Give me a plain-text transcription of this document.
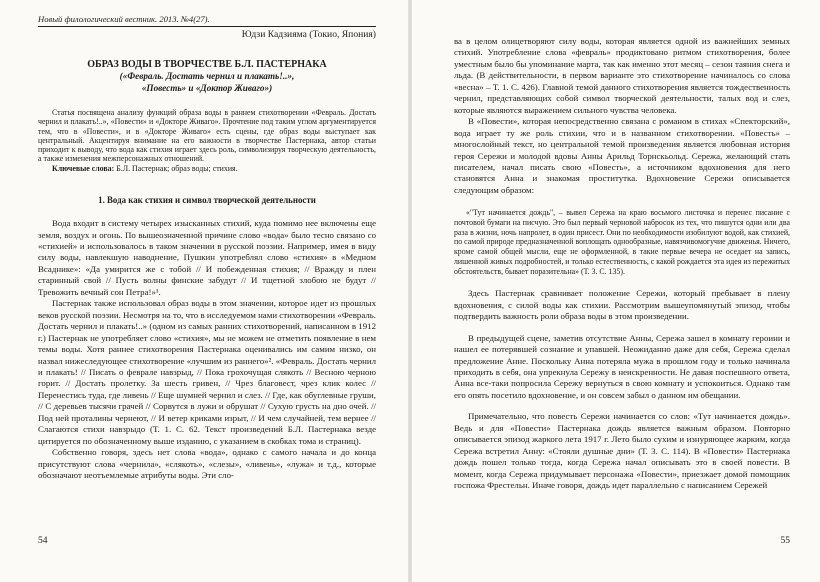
Новый филологический вестник. 2013. №4(27).
Юдзи Кадзияма (Токио, Япония)
ОБРАЗ ВОДЫ В ТВОРЧЕСТВЕ Б.Л. ПАСТЕРНАКА
(«Февраль. Достать чернил и плакать!..»,
«Повесть» и «Доктор Живаго»)
Статья посвящена анализу функций образа воды в раннем стихотворении «Февраль. Достать чернил и плакать!..», «Повести» и «Докторе Живаго». Прочтение под таким углом аргументируется тем, что в «Повести», и в «Докторе Живаго» есть сцены, где образ воды выступает как центральный. Акцентируя внимание на его важности в творчестве Пастернака, автор статьи приходит к выводу, что вода как стихия играет здесь роль, символизируя творческую деятельность, а также изменения межперсонажных отношений.
Ключевые слова: Б.Л. Пастернак; образ воды; стихия.
1. Вода как стихия и символ творческой деятельности

Вода входит в систему четырех изысканных стихий, куда помимо нее включены еще земля, воздух и огонь. По вышеозначенной причине слово «вода» было тесно связано со «стихией» и использовалось в таком значении в русской поэзии. Например, имея в виду силу воды, навлекшую наводнение, Пушкин употреблял слово «стихия» в «Медном Всаднике»: «Да умирится же с тобой // И побежденная стихия; // Вражду и плен старинный свой // Пусть волны финские забудут // И тщетной злобою не будут // Тревожить вечный сон Петра!»¹.

Пастернак также использовал образ воды в этом значении, которое идет из прошлых веков русской поэзии. Несмотря на то, что в исследуемом нами стихотворении «Февраль. Достать чернил и плакать!..» (одном из самых ранних стихотворений, написанном в 1912 г.) Пастернак не употребляет слово «стихия», мы не можем не отметить появление в нем темы воды. Хотя раннее стихотворения Пастернака оценивались им самим низко, он назвал нижеследующее стихотворение «лучшим из раннего»². «Февраль. Достать чернил и плакать! // Писать о феврале навзрыд, // Пока грохочущая слякоть // Весною черною горит. // Достать пролетку. За шесть гривен, // Чрез благовест, чрез клик колес // Перенестись туда, где ливень // Еще шумней чернил и слез. // Где, как обуглевные груши, // С деревьев тысячи грачей // Сорвутся в лужи и обрушат // Сухую грусть на дно очей. // Под ней проталины чернеют, // И ветер криками изрыт, // И чем случайней, тем вернее // Слагаются стихи навзрыдо (Т. 1. С. 62. Текст произведений Б.Л. Пастернака везде цитируется по обозначенному выше изданию, с указанием в скобках тома и страниц).

Собственно говоря, здесь нет слова «вода», однако с самого начала и до конца присутствуют слова «чернила», «слякоть», «слезы», «ливень», «лужа» и т.д., которые обозначают неотъемлемые атрибуты воды. Эти сло-

54

ва в целом олицетворяют силу воды, которая является одной из важнейших земных стихий. Употребление слова «февраль» продиктовано ритмом стихотворения, более уместным было бы упоминание марта, так как именно этот месяц – сезон таяния снега и льда. (В действительности, в первом варианте это стихотворение начиналось со слова «весна» – Т. 1. С. 426). Главной темой данного стихотворения является тождественность чернил, представляющих собой символ творческой деятельности, талых вод и слез, которые являются выражением сильного чувства человека.

В «Повести», которая непосредственно связана с романом в стихах «Спекторский», вода играет ту же роль стихии, что и в названном стихотворении. «Повесть» – многослойный текст, но центральной темой произведения является любовная история героя Сережи и молодой вдовы Анны Арильд Торнскьольд. Сережа, желающий стать писателем, начал писать свою «Повесть», а источником вдохновения для него становятся Анна и знакомая проститутка. Вдохновение Сережи описывается следующим образом:

«"Тут начинается дождь", – вывел Сережа на краю восьмого листочка и перенес писание с почтовой бумаги на писчую. Это был первый черновой набросок из тех, что пишутся одни или два раза в жизни, ночь напролет, в один присест. Они по необходимости изобилуют водой, как стихией, по самой природе предназначенной воплощать однообразные, навязчивомогучие движенья. Ничего, кроме самой общей мысли, еще не оформленной, в такие первые вечера не оседает на запись, лишенной живых подробностей, и только естественность, с какой рождается эта идея из пережитых обстоятельств, бывает поразительна» (Т. 3. С. 135).

Здесь Пастернак сравнивает положение Сережи, который пребывает в плену вдохновения, с силой воды как стихии. Рассмотрим вышеупомянутый эпизод, чтобы подтвердить важность роли образа воды в этом произведении.

В предыдущей сцене, заметив отсутствие Анны, Сережа зашел в комнату героини и нашел ее потерявшей сознание и упавшей. Неожиданно даже для себя, Сережа сделал предложение Анне. Поскольку Анна потеряла мужа в прошлом году и только начинала приходить в себя, она упрекнула Сережу в неискренности. Не давая поспешного ответа, Анна все-таки попросила Сережу вернуться в свою комнату и успокоиться. Однако там его опять посетило вдохновение, и он совсем забыл о данном им обещании.

Примечательно, что повесть Сережи начинается со слов: «Тут начинается дождь». Ведь и для «Повести» Пастернака дождь является важным образом. Повторно описывается эпизод жаркого лета 1917 г. Лето было сухим и изнуряющее жарким, когда Сережа встретил Анну: «Стояли душные дни» (Т. 3. С. 114). В «Повести» Пастернака дождь пошел только тогда, когда Сережа начал описывать это в своей повести. В момент, когда Сережа придумывает персонажа «Повести», приезжает домой помощник госпожа Фрестельн. Иначе говоря, дождь идет параллельно с написанием Сережей

55
